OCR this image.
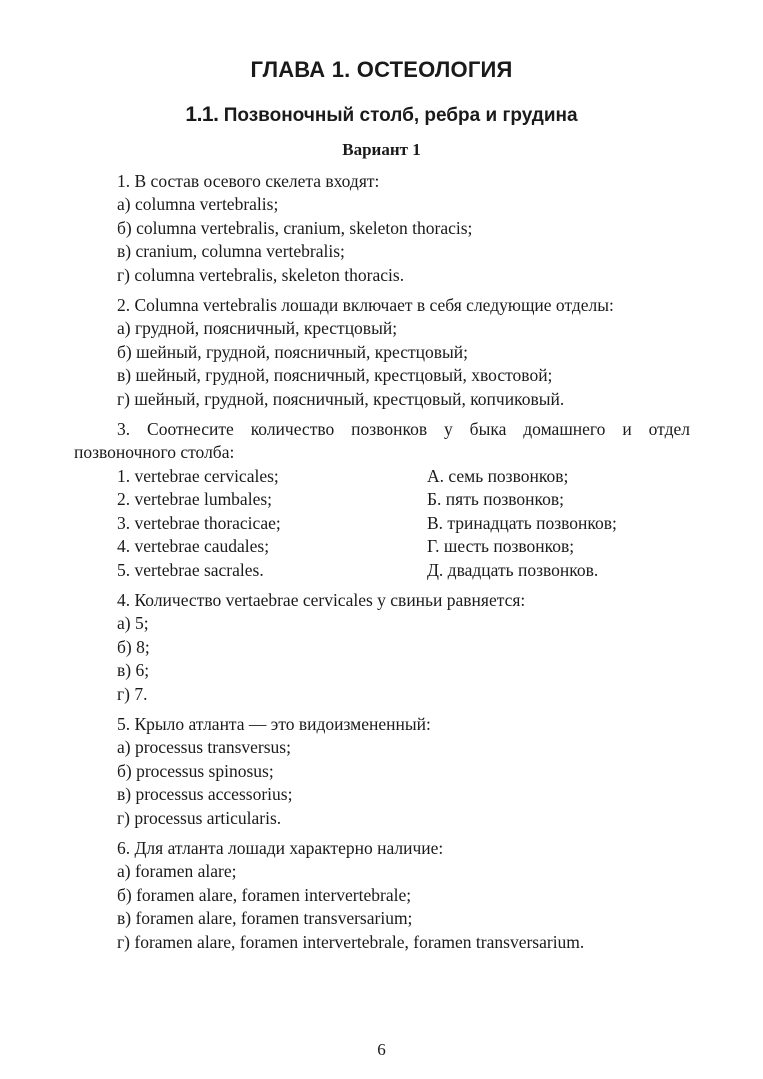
ГЛАВА 1. ОСТЕОЛОГИЯ
1.1. Позвоночный столб, ребра и грудина
Вариант 1
1. В состав осевого скелета входят:
а) columna vertebralis;
б) columna vertebralis, cranium, skeleton thoracis;
в) cranium, columna vertebralis;
г) columna vertebralis, skeleton thoracis.
2. Columna vertebralis лошади включает в себя следующие отделы:
а) грудной, поясничный, крестцовый;
б) шейный, грудной, поясничный, крестцовый;
в) шейный, грудной, поясничный, крестцовый, хвостовой;
г) шейный, грудной, поясничный, крестцовый, копчиковый.
3. Соотнесите количество позвонков у быка домашнего и отдел позвоночного столба:
1. vertebrae cervicales;	А. семь позвонков;
2. vertebrae lumbales;	Б. пять позвонков;
3. vertebrae thoracicae;	В. тринадцать позвонков;
4. vertebrae caudales;	Г. шесть позвонков;
5. vertebrae sacrales.	Д. двадцать позвонков.
4. Количество vertaebrae cervicales у свиньи равняется:
а) 5;
б) 8;
в) 6;
г) 7.
5. Крыло атланта — это видоизмененный:
а) processus transversus;
б) processus spinosus;
в) processus accessorius;
г) processus articularis.
6. Для атланта лошади характерно наличие:
а) foramen alare;
б) foramen alare, foramen intervertebrale;
в) foramen alare, foramen transversarium;
г) foramen alare, foramen intervertebrale, foramen transversarium.
6
